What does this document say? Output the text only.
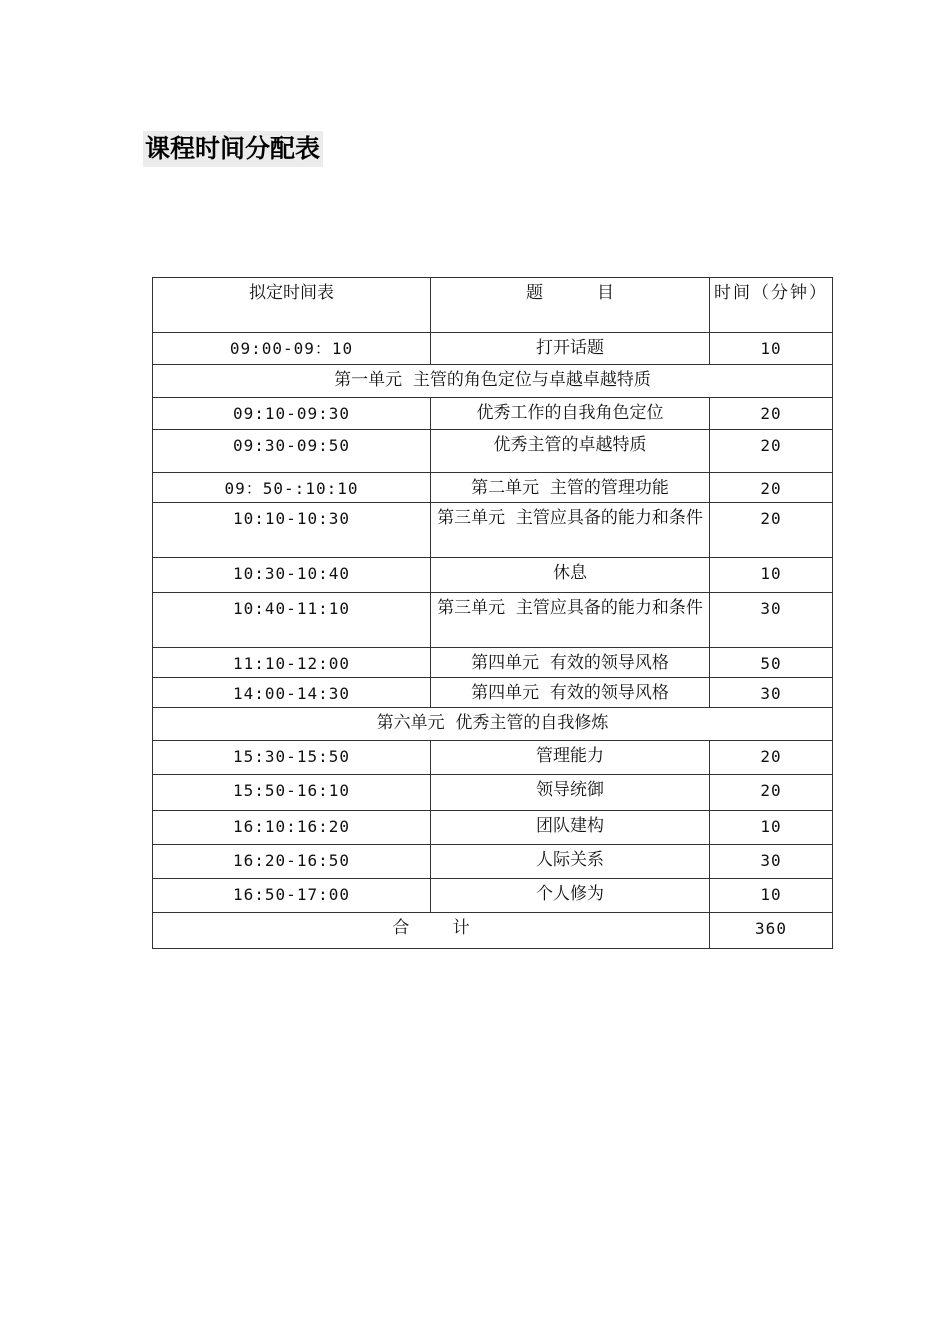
课程时间分配表
拟定时间表	题          目	时间（分钟）
09:00-09：10	打开话题	10
第一单元  主管的角色定位与卓越卓越特质		
09:10-09:30	优秀工作的自我角色定位	20
09:30-09:50	优秀主管的卓越特质	20
09：50-:10:10	第二单元  主管的管理功能	20
10:10-10:30	第三单元  主管应具备的能力和条件	20
10:30-10:40	休息	10
10:40-11:10	第三单元  主管应具备的能力和条件	30
11:10-12:00	第四单元  有效的领导风格	50
14:00-14:30	第四单元  有效的领导风格	30
第六单元  优秀主管的自我修炼		
15:30-15:50	管理能力	20
15:50-16:10	领导统御	20
16:10:16:20	团队建构	10
16:20-16:50	人际关系	30
16:50-17:00	个人修为	10
合        计		360
